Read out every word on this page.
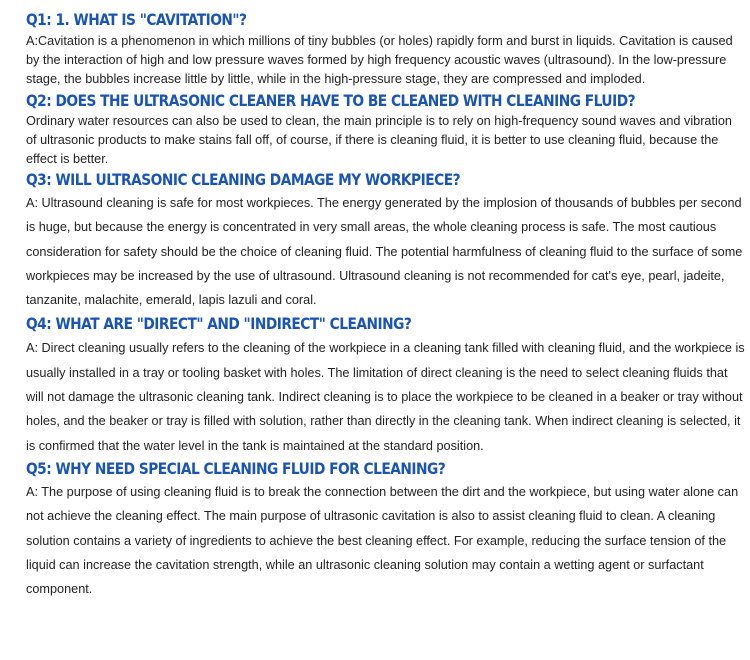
Q1: 1. WHAT IS "CAVITATION"?

A:Cavitation is a phenomenon in which millions of tiny bubbles (or holes) rapidly form and burst in liquids. Cavitation is caused by the interaction of high and low pressure waves formed by high frequency acoustic waves (ultrasound). In the low-pressure stage, the bubbles increase little by little, while in the high-pressure stage, they are compressed and imploded.

Q2: DOES THE ULTRASONIC CLEANER HAVE TO BE CLEANED WITH CLEANING FLUID?

Ordinary water resources can also be used to clean, the main principle is to rely on high-frequency sound waves and vibration of ultrasonic products to make stains fall off, of course, if there is cleaning fluid, it is better to use cleaning fluid, because the effect is better.

Q3: WILL ULTRASONIC CLEANING DAMAGE MY WORKPIECE?

A: Ultrasound cleaning is safe for most workpieces. The energy generated by the implosion of thousands of bubbles per second is huge, but because the energy is concentrated in very small areas, the whole cleaning process is safe. The most cautious consideration for safety should be the choice of cleaning fluid. The potential harmfulness of cleaning fluid to the surface of some workpieces may be increased by the use of ultrasound. Ultrasound cleaning is not recommended for cat's eye, pearl, jadeite, tanzanite, malachite, emerald, lapis lazuli and coral.

Q4: WHAT ARE "DIRECT" AND "INDIRECT" CLEANING?

A: Direct cleaning usually refers to the cleaning of the workpiece in a cleaning tank filled with cleaning fluid, and the workpiece is usually installed in a tray or tooling basket with holes. The limitation of direct cleaning is the need to select cleaning fluids that will not damage the ultrasonic cleaning tank. Indirect cleaning is to place the workpiece to be cleaned in a beaker or tray without holes, and the beaker or tray is filled with solution, rather than directly in the cleaning tank. When indirect cleaning is selected, it is confirmed that the water level in the tank is maintained at the standard position.

Q5: WHY NEED SPECIAL CLEANING FLUID FOR CLEANING?

A: The purpose of using cleaning fluid is to break the connection between the dirt and the workpiece, but using water alone can not achieve the cleaning effect. The main purpose of ultrasonic cavitation is also to assist cleaning fluid to clean. A cleaning solution contains a variety of ingredients to achieve the best cleaning effect. For example, reducing the surface tension of the liquid can increase the cavitation strength, while an ultrasonic cleaning solution may contain a wetting agent or surfactant component.
